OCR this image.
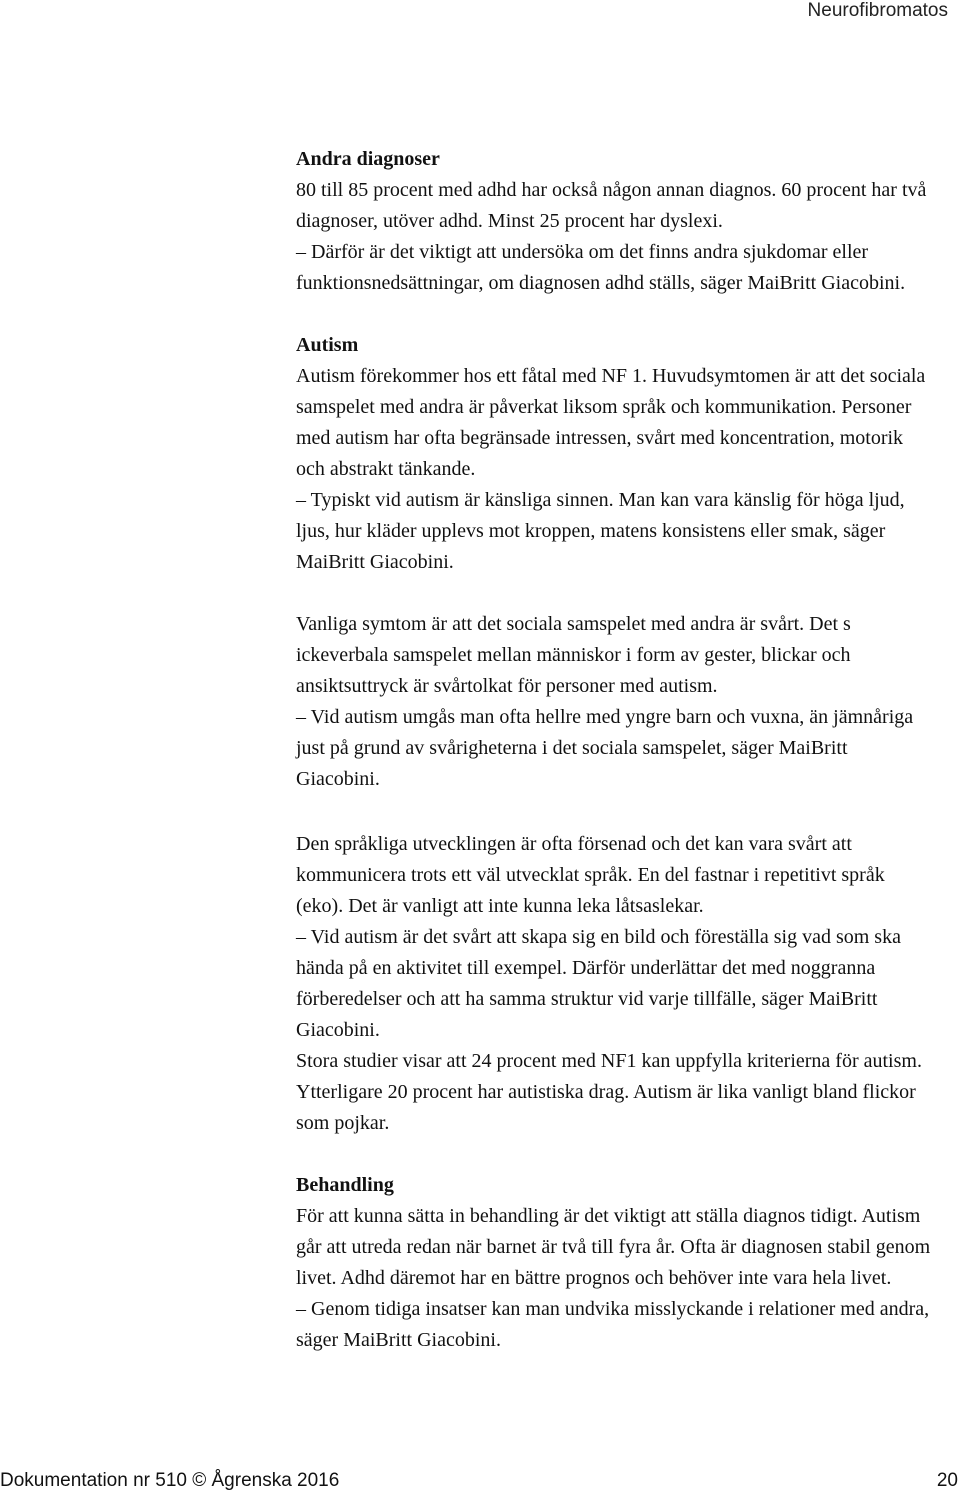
Neurofibromatos

Andra diagnoser

80 till 85 procent med adhd har också någon annan diagnos. 60 procent har två diagnoser, utöver adhd. Minst 25 procent har dyslexi.

– Därför är det viktigt att undersöka om det finns andra sjukdomar eller funktionsnedsättningar, om diagnosen adhd ställs, säger MaiBritt Giacobini.

Autism

Autism förekommer hos ett fåtal med NF 1. Huvudsymtomen är att det sociala samspelet med andra är påverkat liksom språk och kommunikation. Personer med autism har ofta begränsade intressen, svårt med koncentration, motorik och abstrakt tänkande.

– Typiskt vid autism är känsliga sinnen. Man kan vara känslig för höga ljud, ljus, hur kläder upplevs mot kroppen, matens konsistens eller smak, säger MaiBritt Giacobini.

Vanliga symtom är att det sociala samspelet med andra är svårt. Det s ickeverbala samspelet mellan människor i form av gester, blickar och ansiktsuttryck är svårtolkat för personer med autism.

– Vid autism umgås man ofta hellre med yngre barn och vuxna, än jämnåriga just på grund av svårigheterna i det sociala samspelet, säger MaiBritt Giacobini.

Den språkliga utvecklingen är ofta försenad och det kan vara svårt att kommunicera trots ett väl utvecklat språk. En del fastnar i repetitivt språk (eko). Det är vanligt att inte kunna leka låtsaslekar.

– Vid autism är det svårt att skapa sig en bild och föreställa sig vad som ska hända på en aktivitet till exempel. Därför underlättar det med noggranna förberedelser och att ha samma struktur vid varje tillfälle, säger MaiBritt Giacobini.

Stora studier visar att 24 procent med NF1 kan uppfylla kriterierna för autism. Ytterligare 20 procent har autistiska drag. Autism är lika vanligt bland flickor som pojkar.

Behandling

För att kunna sätta in behandling är det viktigt att ställa diagnos tidigt. Autism går att utreda redan när barnet är två till fyra år. Ofta är diagnosen stabil genom livet. Adhd däremot har en bättre prognos och behöver inte vara hela livet.

– Genom tidiga insatser kan man undvika misslyckande i relationer med andra, säger MaiBritt Giacobini.

Dokumentation nr 510 © Ågrenska 2016	20
